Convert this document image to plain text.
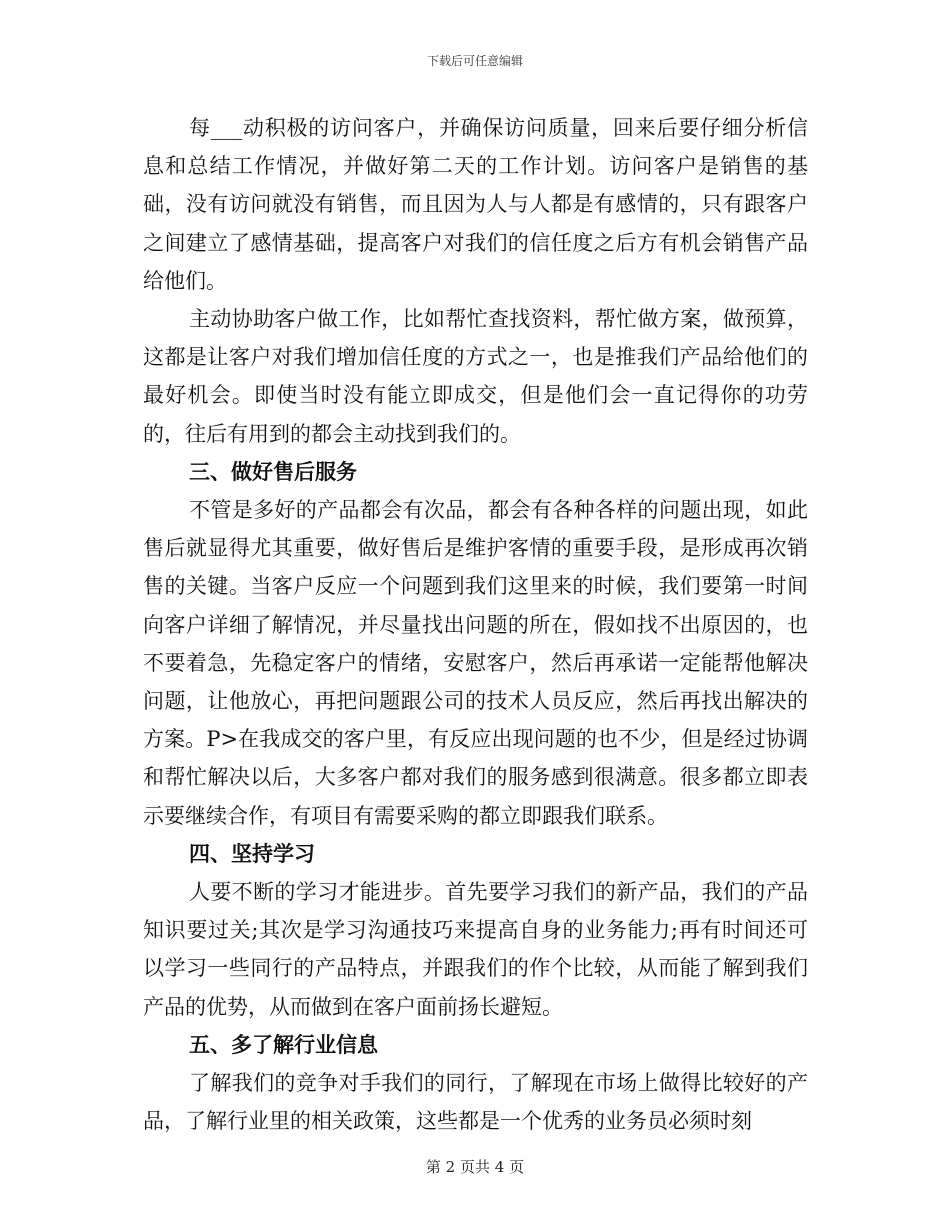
下载后可任意编辑

每___动积极的访问客户，并确保访问质量，回来后要仔细分析信息和总结工作情况，并做好第二天的工作计划。访问客户是销售的基础，没有访问就没有销售，而且因为人与人都是有感情的，只有跟客户之间建立了感情基础，提高客户对我们的信任度之后方有机会销售产品给他们。

主动协助客户做工作，比如帮忙查找资料，帮忙做方案，做预算，这都是让客户对我们增加信任度的方式之一，也是推我们产品给他们的最好机会。即使当时没有能立即成交，但是他们会一直记得你的功劳的，往后有用到的都会主动找到我们的。

三、做好售后服务

不管是多好的产品都会有次品，都会有各种各样的问题出现，如此售后就显得尤其重要，做好售后是维护客情的重要手段，是形成再次销售的关键。当客户反应一个问题到我们这里来的时候，我们要第一时间向客户详细了解情况，并尽量找出问题的所在，假如找不出原因的，也不要着急，先稳定客户的情绪，安慰客户，然后再承诺一定能帮他解决问题，让他放心，再把问题跟公司的技术人员反应，然后再找出解决的方案。P>在我成交的客户里，有反应出现问题的也不少，但是经过协调和帮忙解决以后，大多客户都对我们的服务感到很满意。很多都立即表示要继续合作，有项目有需要采购的都立即跟我们联系。

四、坚持学习

人要不断的学习才能进步。首先要学习我们的新产品，我们的产品知识要过关;其次是学习沟通技巧来提高自身的业务能力;再有时间还可以学习一些同行的产品特点，并跟我们的作个比较，从而能了解到我们产品的优势，从而做到在客户面前扬长避短。

五、多了解行业信息

了解我们的竞争对手我们的同行，了解现在市场上做得比较好的产品，了解行业里的相关政策，这些都是一个优秀的业务员必须时刻

第 2 页共 4 页
